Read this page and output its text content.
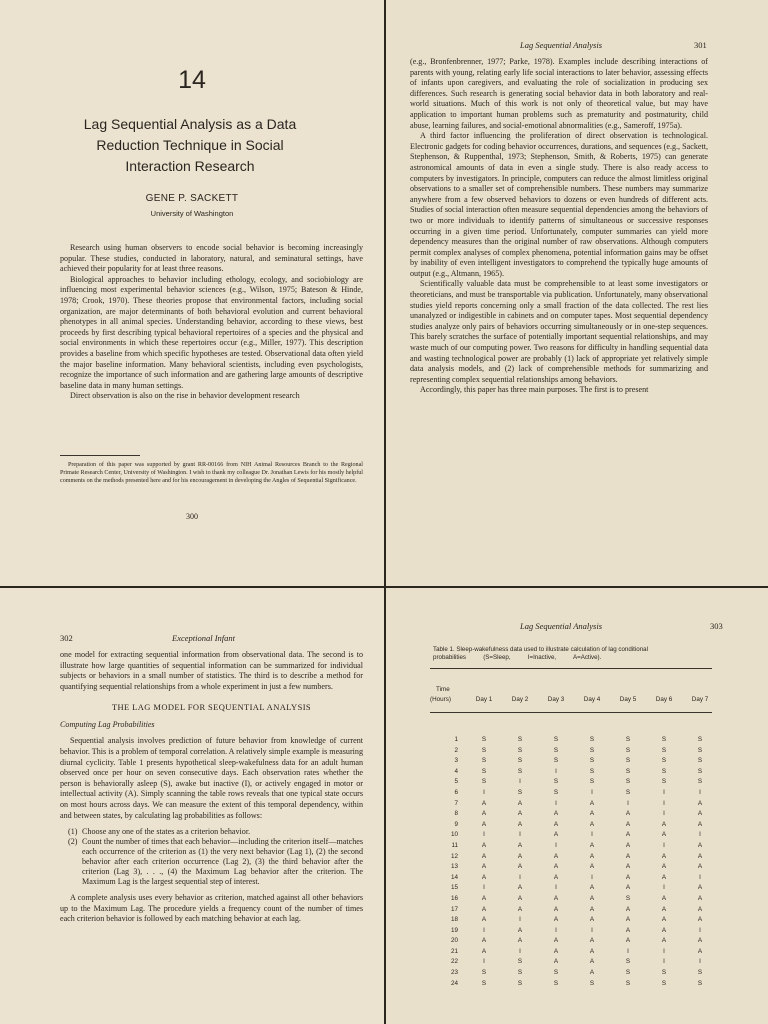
14
Lag Sequential Analysis as a Data
Reduction Technique in Social
Interaction Research
GENE P. SACKETT
University of Washington

Research using human observers to encode social behavior is becoming increasingly popular. These studies, conducted in laboratory, natural, and seminatural settings, have achieved their popularity for at least three reasons.

Biological approaches to behavior including ethology, ecology, and sociobiology are influencing most experimental behavior sciences (e.g., Wilson, 1975; Bateson & Hinde, 1978; Crook, 1970). These theories propose that environmental factors, including social organization, are major determinants of both behavioral evolution and current behavioral phenotypes in all animal species. Understanding behavior, according to these views, best proceeds by first describing typical behavioral repertoires of a species and the physical and social environments in which these repertoires occur (e.g., Miller, 1977). This description provides a baseline from which specific hypotheses are tested. Observational data often yield the major baseline information. Many behavioral scientists, including even psychologists, recognize the importance of such information and are gathering large amounts of descriptive baseline data in many human settings.

Direct observation is also on the rise in behavior development research

Preparation of this paper was supported by grant RR-00166 from NIH Animal Resources Branch to the Regional Primate Research Center, University of Washington. I wish to thank my colleague Dr. Jonathan Lewis for his mostly helpful comments on the methods presented here and for his encouragement in developing the Angles of Sequential Significance.

300
Lag Sequential Analysis	301

(e.g., Bronfenbrenner, 1977; Parke, 1978). Examples include describing interactions of parents with young, relating early life social interactions to later behavior, assessing effects of infants upon caregivers, and evaluating the role of socialization in producing sex differences. Such research is generating social behavior data in both laboratory and real-world situations. Much of this work is not only of theoretical value, but may have application to important human problems such as prematurity and postmaturity, child abuse, learning failures, and social-emotional abnormalities (e.g., Sameroff, 1975a).

A third factor influencing the proliferation of direct observation is technological. Electronic gadgets for coding behavior occurrences, durations, and sequences (e.g., Sackett, Stephenson, & Ruppenthal, 1973; Stephenson, Smith, & Roberts, 1975) can generate astronomical amounts of data in even a single study. There is also ready access to computers by investigators. In principle, computers can reduce the almost limitless original observations to a smaller set of comprehensible numbers. These numbers may summarize anywhere from a few observed behaviors to dozens or even hundreds of different acts. Studies of social interaction often measure sequential dependencies among the behaviors of two or more individuals to identify patterns of simultaneous or successive responses occurring in a given time period. Unfortunately, computer summaries can yield more dependency measures than the original number of raw observations. Although computers permit complex analyses of complex phenomena, potential information gains may be offset by inability of even intelligent investigators to comprehend the typically huge amounts of output (e.g., Altmann, 1965).

Scientifically valuable data must be comprehensible to at least some investigators or theoreticians, and must be transportable via publication. Unfortunately, many observational studies yield reports concerning only a small fraction of the data collected. The rest lies unanalyzed or indigestible in cabinets and on computer tapes. Most sequential dependency studies analyze only pairs of behaviors occurring simultaneously or in one-step sequences. This barely scratches the surface of potentially important sequential relationships, and may waste much of our computing power. Two reasons for difficulty in handling sequential data and wasting technological power are probably (1) lack of appropriate yet relatively simple data analysis models, and (2) lack of comprehensible methods for summarizing and representing complex sequential relationships among behaviors.

Accordingly, this paper has three main purposes. The first is to present

302	Exceptional Infant

one model for extracting sequential information from observational data. The second is to illustrate how large quantities of sequential information can be summarized for individual subjects or behaviors in a small number of statistics. The third is to describe a method for quantifying sequential relationships from a whole experiment in just a few numbers.

THE LAG MODEL FOR SEQUENTIAL ANALYSIS

Computing Lag Probabilities

Sequential analysis involves prediction of future behavior from knowledge of current behavior. This is a problem of temporal correlation. A relatively simple example is measuring diurnal cyclicity. Table 1 presents hypothetical sleep-wakefulness data for an adult human observed once per hour on seven consecutive days. Each observation rates whether the person is behaviorally asleep (S), awake but inactive (I), or actively engaged in motor or intellectual activity (A). Simply scanning the table rows reveals that one typical state occurs on most hours across days. We can measure the extent of this temporal dependency, within and between states, by calculating lag probabilities as follows:

(1) Choose any one of the states as a criterion behavior.
(2) Count the number of times that each behavior—including the criterion itself—matches each occurrence of the criterion as (1) the very next behavior (Lag 1), (2) the second behavior after each criterion occurrence (Lag 2), (3) the third behavior after the criterion (Lag 3), . . ., (4) the Maximum Lag behavior after the criterion. The Maximum Lag is the largest sequential step of interest.

A complete analysis uses every behavior as criterion, matched against all other behaviors up to the Maximum Lag. The procedure yields a frequency count of the number of times each criterion behavior is followed by each matching behavior at each lag.

Lag Sequential Analysis	303
Table 1. Sleep-wakefulness data used to illustrate calculation of lag conditional
probabilities          (S=Sleep,          I=Inactive,          A=Active).
Time
(Hours)	Day 1	Day 2	Day 3	Day 4	Day 5	Day 6	Day 7
1	S	S	S	S	S	S	S
2	S	S	S	S	S	S	S
3	S	S	S	S	S	S	S
4	S	S	I	S	S	S	S
5	S	I	S	S	S	S	S
6	I	S	S	I	S	I	I
7	A	A	I	A	I	I	A
8	A	A	A	A	A	I	A
9	A	A	A	A	A	A	A
10	I	I	A	I	A	A	I
11	A	A	I	A	A	I	A
12	A	A	A	A	A	A	A
13	A	A	A	A	A	A	A
14	A	I	A	I	A	A	I
15	I	A	I	A	A	I	A
16	A	A	A	A	S	A	A
17	A	A	A	A	A	A	A
18	A	I	A	A	A	A	A
19	I	A	I	I	A	A	I
20	A	A	A	A	A	A	A
21	A	I	A	A	I	I	A
22	I	S	A	A	S	I	I
23	S	S	S	A	S	S	S
24	S	S	S	S	S	S	S
